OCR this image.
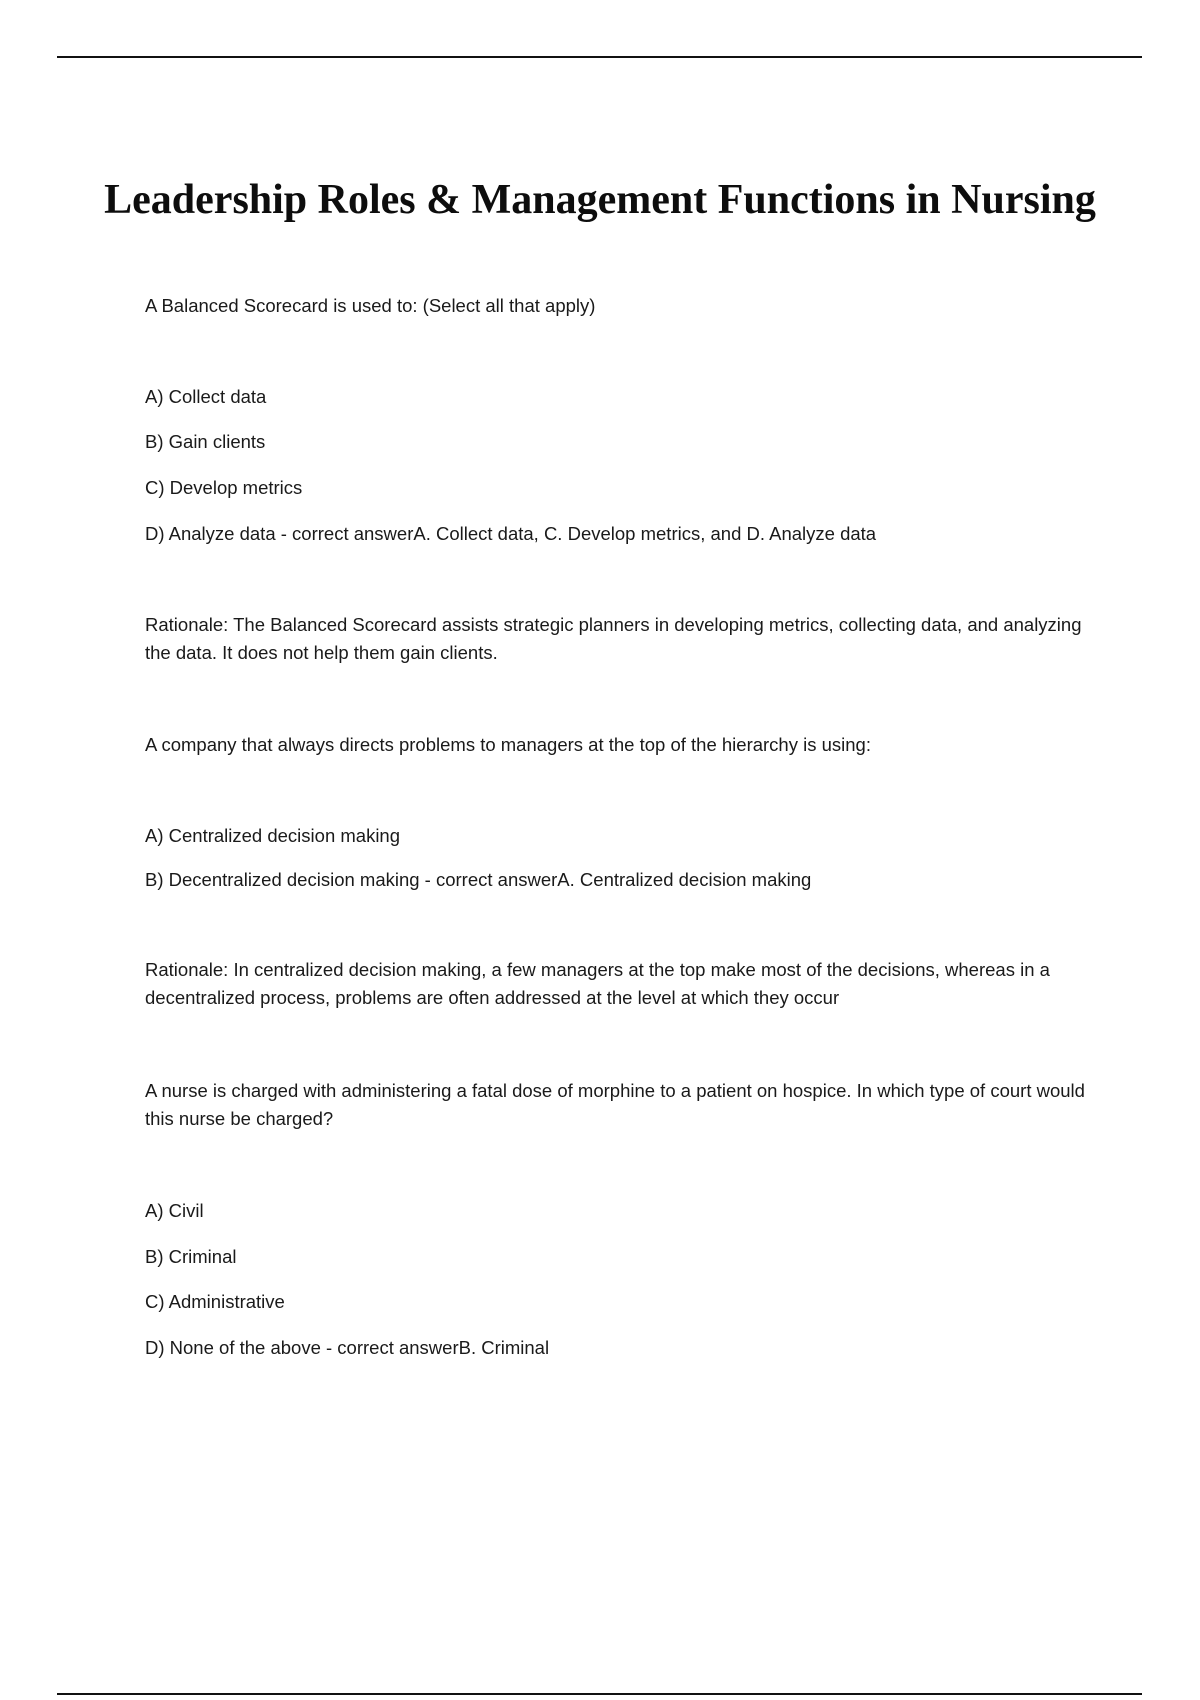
Leadership Roles & Management Functions in Nursing

A Balanced Scorecard is used to: (Select all that apply)

A) Collect data

B) Gain clients

C) Develop metrics

D) Analyze data - correct answerA. Collect data, C. Develop metrics, and D. Analyze data

Rationale: The Balanced Scorecard assists strategic planners in developing metrics, collecting data, and analyzing the data. It does not help them gain clients.

A company that always directs problems to managers at the top of the hierarchy is using:

A) Centralized decision making

B) Decentralized decision making - correct answerA. Centralized decision making

Rationale: In centralized decision making, a few managers at the top make most of the decisions, whereas in a decentralized process, problems are often addressed at the level at which they occur

A nurse is charged with administering a fatal dose of morphine to a patient on hospice. In which type of court would this nurse be charged?

A) Civil

B) Criminal

C) Administrative

D) None of the above - correct answerB. Criminal
